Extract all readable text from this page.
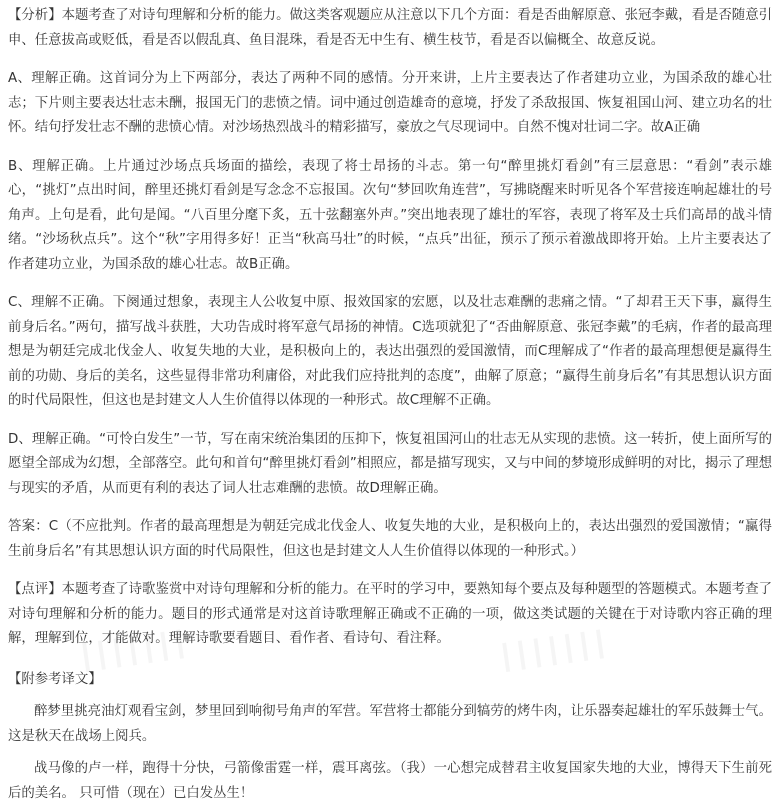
【分析】本题考查了对诗句理解和分析的能力。做这类客观题应从注意以下几个方面：看是否曲解原意、张冠李戴，看是否随意引申、任意拔高或贬低，看是否以假乱真、鱼目混珠，看是否无中生有、横生枝节，看是否以偏概全、故意反说。

A、理解正确。这首词分为上下两部分，表达了两种不同的感情。分开来讲，上片主要表达了作者建功立业，为国杀敌的雄心壮志；下片则主要表达壮志未酬，报国无门的悲愤之情。词中通过创造雄奇的意境，抒发了杀敌报国、恢复祖国山河、建立功名的壮怀。结句抒发壮志不酬的悲愤心情。对沙场热烈战斗的精彩描写，豪放之气尽现词中。自然不愧对壮词二字。故A正确

B、理解正确。上片通过沙场点兵场面的描绘，表现了将士昂扬的斗志。第一句“醉里挑灯看剑”有三层意思：“看剑”表示雄心，“挑灯”点出时间，醉里还挑灯看剑是写念念不忘报国。次句“梦回吹角连营”，写拂晓醒来时听见各个军营接连响起雄壮的号角声。上句是看，此句是闻。“八百里分麾下炙，五十弦翻塞外声。”突出地表现了雄壮的军容，表现了将军及士兵们高昂的战斗情绪。“沙场秋点兵”。这个“秋”字用得多好！正当“秋高马壮”的时候，“点兵”出征，预示了预示着激战即将开始。上片主要表达了作者建功立业，为国杀敌的雄心壮志。故B正确。

C、理解不正确。下阕通过想象，表现主人公收复中原、报效国家的宏愿，以及壮志难酬的悲痛之情。“了却君王天下事，赢得生前身后名。”两句，描写战斗获胜，大功告成时将军意气昂扬的神情。C选项就犯了“否曲解原意、张冠李戴”的毛病，作者的最高理想是为朝廷完成北伐金人、收复失地的大业，是积极向上的，表达出强烈的爱国激情，而C理解成了“作者的最高理想便是赢得生前的功勋、身后的美名，这些显得非常功利庸俗，对此我们应持批判的态度”，曲解了原意；“赢得生前身后名”有其思想认识方面的时代局限性，但这也是封建文人人生价值得以体现的一种形式。故C理解不正确。

D、理解正确。“可怜白发生”一节，写在南宋统治集团的压抑下，恢复祖国河山的壮志无从实现的悲愤。这一转折，使上面所写的愿望全部成为幻想，全部落空。此句和首句“醉里挑灯看剑”相照应，都是描写现实，又与中间的梦境形成鲜明的对比，揭示了理想与现实的矛盾，从而更有利的表达了词人壮志难酬的悲愤。故D理解正确。

答案：C（不应批判。作者的最高理想是为朝廷完成北伐金人、收复失地的大业，是积极向上的，表达出强烈的爱国激情；“赢得生前身后名”有其思想认识方面的时代局限性，但这也是封建文人人生价值得以体现的一种形式。）

【点评】本题考查了诗歌鉴赏中对诗句理解和分析的能力。在平时的学习中，要熟知每个要点及每种题型的答题模式。本题考查了对诗句理解和分析的能力。题目的形式通常是对这首诗歌理解正确或不正确的一项，做这类试题的关键在于对诗歌内容正确的理解，理解到位，才能做对。理解诗歌要看题目、看作者、看诗句、看注释。

【附参考译文】

醉梦里挑亮油灯观看宝剑，梦里回到响彻号角声的军营。军营将士都能分到犒劳的烤牛肉，让乐器奏起雄壮的军乐鼓舞士气。 这是秋天在战场上阅兵。

战马像的卢一样，跑得十分快，弓箭像雷霆一样，震耳离弦。（我）一心想完成替君主收复国家失地的大业，博得天下生前死后的美名。 只可惜（现在）已白发丛生！
